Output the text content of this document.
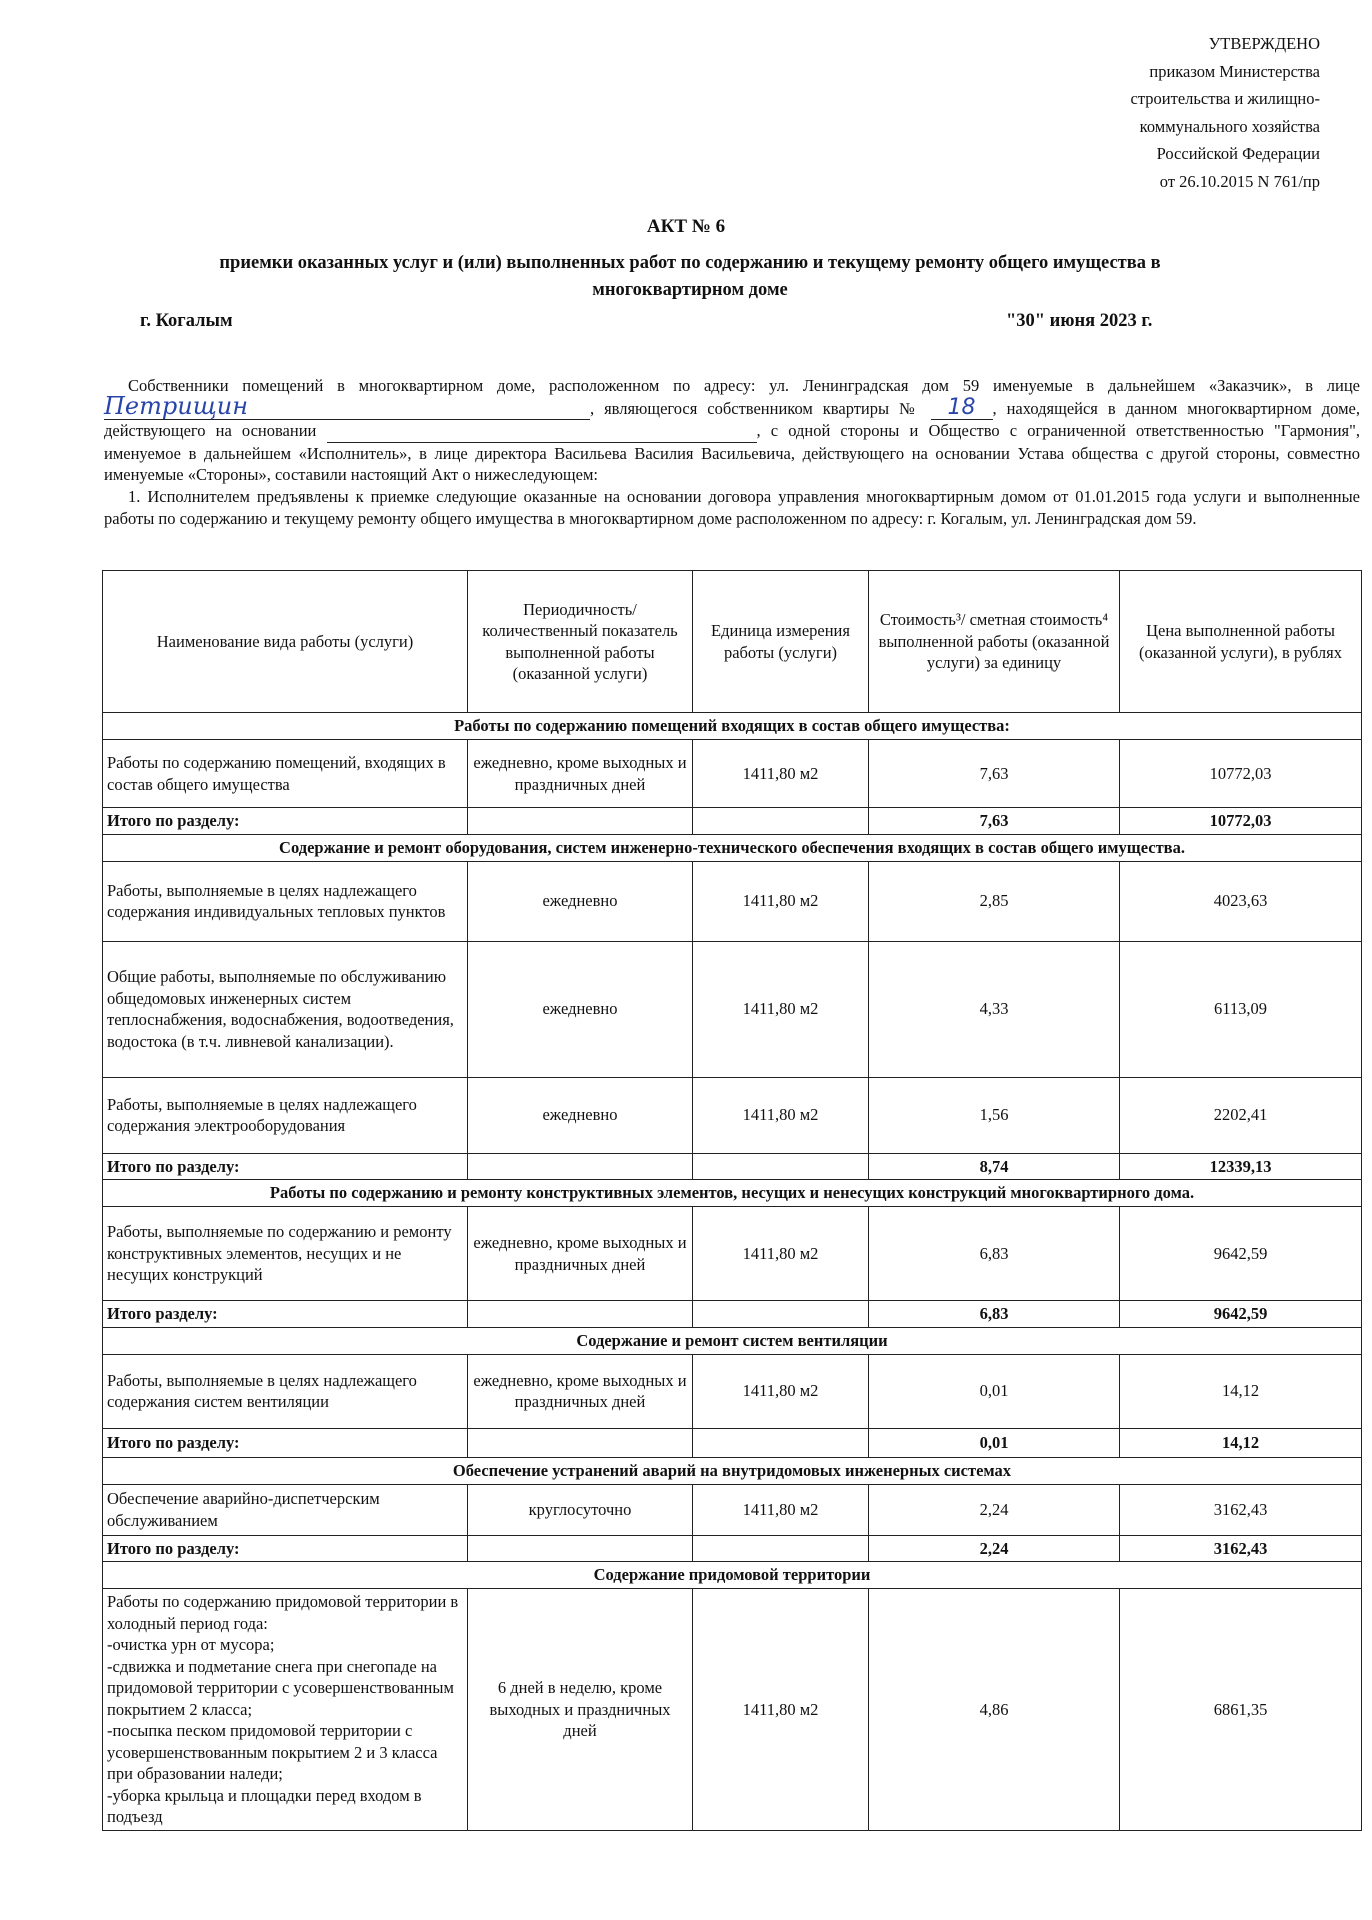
УТВЕРЖДЕНО
приказом Министерства
строительства и жилищно-
коммунального хозяйства
Российской Федерации
от 26.10.2015 N 761/пр
АКТ № 6
приемки оказанных услуг и (или) выполненных работ по содержанию и текущему ремонту общего имущества в многоквартирном доме
г. Когалым	"30" июня 2023 г.

Собственники помещений в многоквартирном доме, расположенном по адресу: ул. Ленинградская дом 59 именуемые в дальнейшем «Заказчик», в лице Петрищин	, являющегося собственником квартиры № 18 , находящейся в данном многоквартирном доме, действующего на основании	, с одной стороны и Общество с ограниченной ответственностью "Гармония", именуемое в дальнейшем «Исполнитель», в лице директора Васильева Василия Васильевича, действующего на основании Устава общества с другой стороны, совместно именуемые «Стороны», составили настоящий Акт о нижеследующем:

1. Исполнителем предъявлены к приемке следующие оказанные на основании договора управления многоквартирным домом от 01.01.2015 года услуги и выполненные работы по содержанию и текущему ремонту общего имущества в многоквартирном доме расположенном по адресу: г. Когалым, ул. Ленинградская дом 59.

Наименование вида работы (услуги)	Периодичность/ количественный показатель выполненной работы (оказанной услуги)	Единица измерения работы (услуги)	Стоимость³/ сметная стоимость⁴ выполненной работы (оказанной услуги) за единицу	Цена выполненной работы (оказанной услуги), в рублях
Работы по содержанию помещений входящих в состав общего имущества:				
Работы по содержанию помещений, входящих в состав общего имущества	ежедневно, кроме выходных и праздничных дней	1411,80 м2	7,63	10772,03
Итого по разделу:			7,63	10772,03
Содержание и ремонт оборудования, систем инженерно-технического обеспечения входящих в состав общего имущества.				
Работы, выполняемые в целях надлежащего содержания индивидуальных тепловых пунктов	ежедневно	1411,80 м2	2,85	4023,63
Общие работы, выполняемые по обслуживанию общедомовых инженерных систем теплоснабжения, водоснабжения, водоотведения, водостока (в т.ч. ливневой канализации).	ежедневно	1411,80 м2	4,33	6113,09
Работы, выполняемые в целях надлежащего содержания электрооборудования	ежедневно	1411,80 м2	1,56	2202,41
Итого по разделу:			8,74	12339,13
Работы по содержанию и ремонту конструктивных элементов, несущих и ненесущих конструкций многоквартирного дома.				
Работы, выполняемые по содержанию и ремонту конструктивных элементов, несущих и не несущих конструкций	ежедневно, кроме выходных и праздничных дней	1411,80 м2	6,83	9642,59
Итого разделу:			6,83	9642,59
Содержание и ремонт систем вентиляции				
Работы, выполняемые в целях надлежащего содержания систем вентиляции	ежедневно, кроме выходных и праздничных дней	1411,80 м2	0,01	14,12
Итого по разделу:			0,01	14,12
Обеспечение устранений аварий на внутридомовых инженерных системах				
Обеспечение аварийно-диспетчерским обслуживанием	круглосуточно	1411,80 м2	2,24	3162,43
Итого по разделу:			2,24	3162,43
Содержание придомовой территории				

Работы по содержанию придомовой территории в холодный период года:
-очистка урн от мусора;
-сдвижка и подметание снега при снегопаде на придомовой территории с усовершенствованным покрытием 2 класса;
-посыпка песком придомовой территории с усовершенствованным покрытием 2 и 3 класса при образовании наледи;
-уборка крыльца и площадки перед входом в подъезд	6 дней в неделю, кроме выходных и праздничных дней	1411,80 м2	4,86	6861,35
